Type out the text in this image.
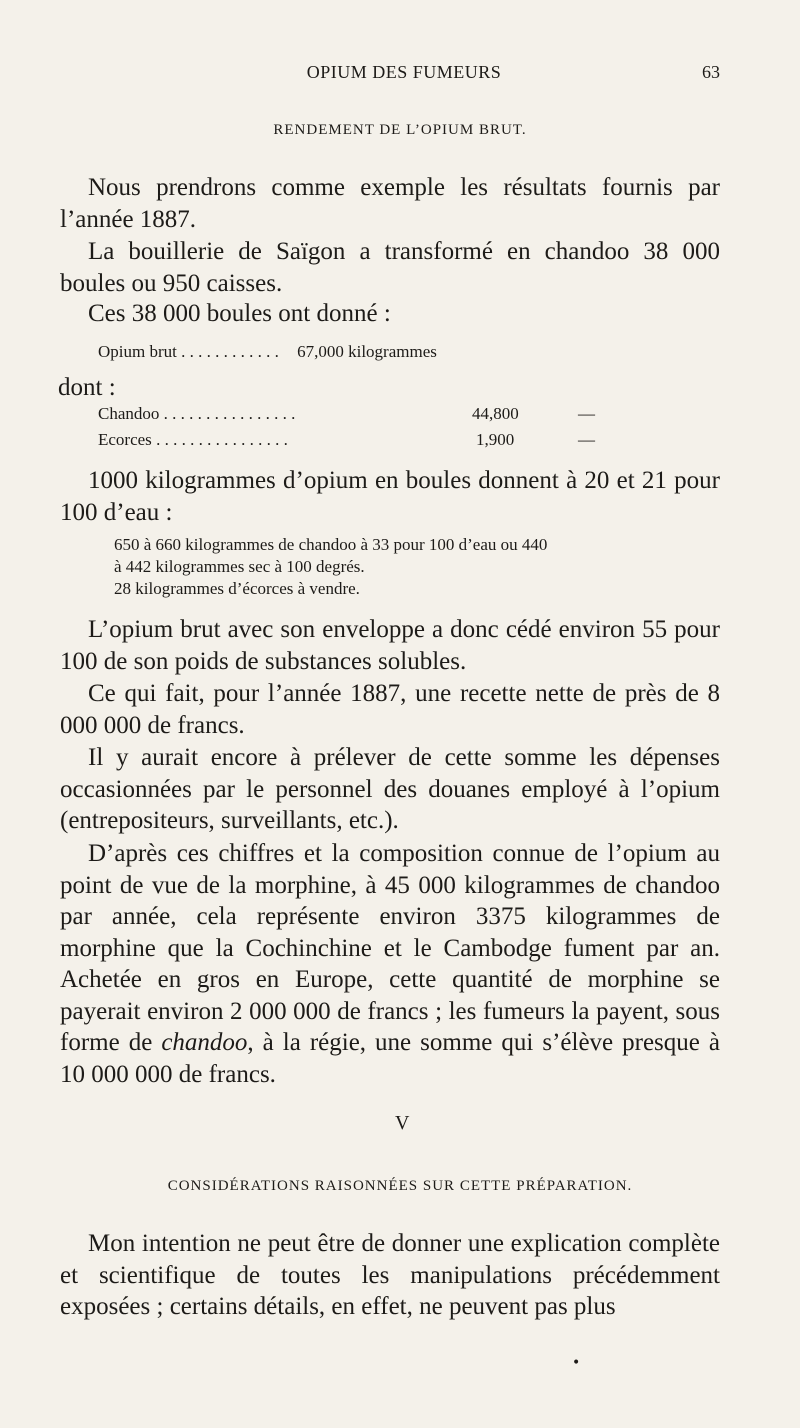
OPIUM DES FUMEURS	63
RENDEMENT DE L’OPIUM BRUT.
Nous prendrons comme exemple les résultats fournis par l’année 1887.
La bouillerie de Saïgon a transformé en chandoo 38 000 boules ou 950 caisses.
Ces 38 000 boules ont donné :
Opium brut . . . . . . . . . . . . 67,000 kilogrammes
dont :
Chandoo . . . . . . . . . . . . . . . .	44,800	—
Ecorces . . . . . . . . . . . . . . . .	1,900	—
1000 kilogrammes d’opium en boules donnent à 20 et 21 pour 100 d’eau :
650 à 660 kilogrammes de chandoo à 33 pour 100 d’eau ou 440
à 442 kilogrammes sec à 100 degrés.
28 kilogrammes d’écorces à vendre.
L’opium brut avec son enveloppe a donc cédé environ 55 pour 100 de son poids de substances solubles.
Ce qui fait, pour l’année 1887, une recette nette de près de 8 000 000 de francs.
Il y aurait encore à prélever de cette somme les dépenses occasionnées par le personnel des douanes employé à l’opium (entrepositeurs, surveillants, etc.).
D’après ces chiffres et la composition connue de l’opium au point de vue de la morphine, à 45 000 kilogrammes de chandoo par année, cela représente environ 3375 kilogrammes de morphine que la Cochinchine et le Cambodge fument par an. Achetée en gros en Europe, cette quantité de morphine se payerait environ 2 000 000 de francs ; les fumeurs la payent, sous forme de chandoo, à la régie, une somme qui s’élève presque à 10 000 000 de francs.
V
CONSIDÉRATIONS RAISONNÉES SUR CETTE PRÉPARATION.
Mon intention ne peut être de donner une explication complète et scientifique de toutes les manipulations précédemment exposées ; certains détails, en effet, ne peuvent pas plus
•
